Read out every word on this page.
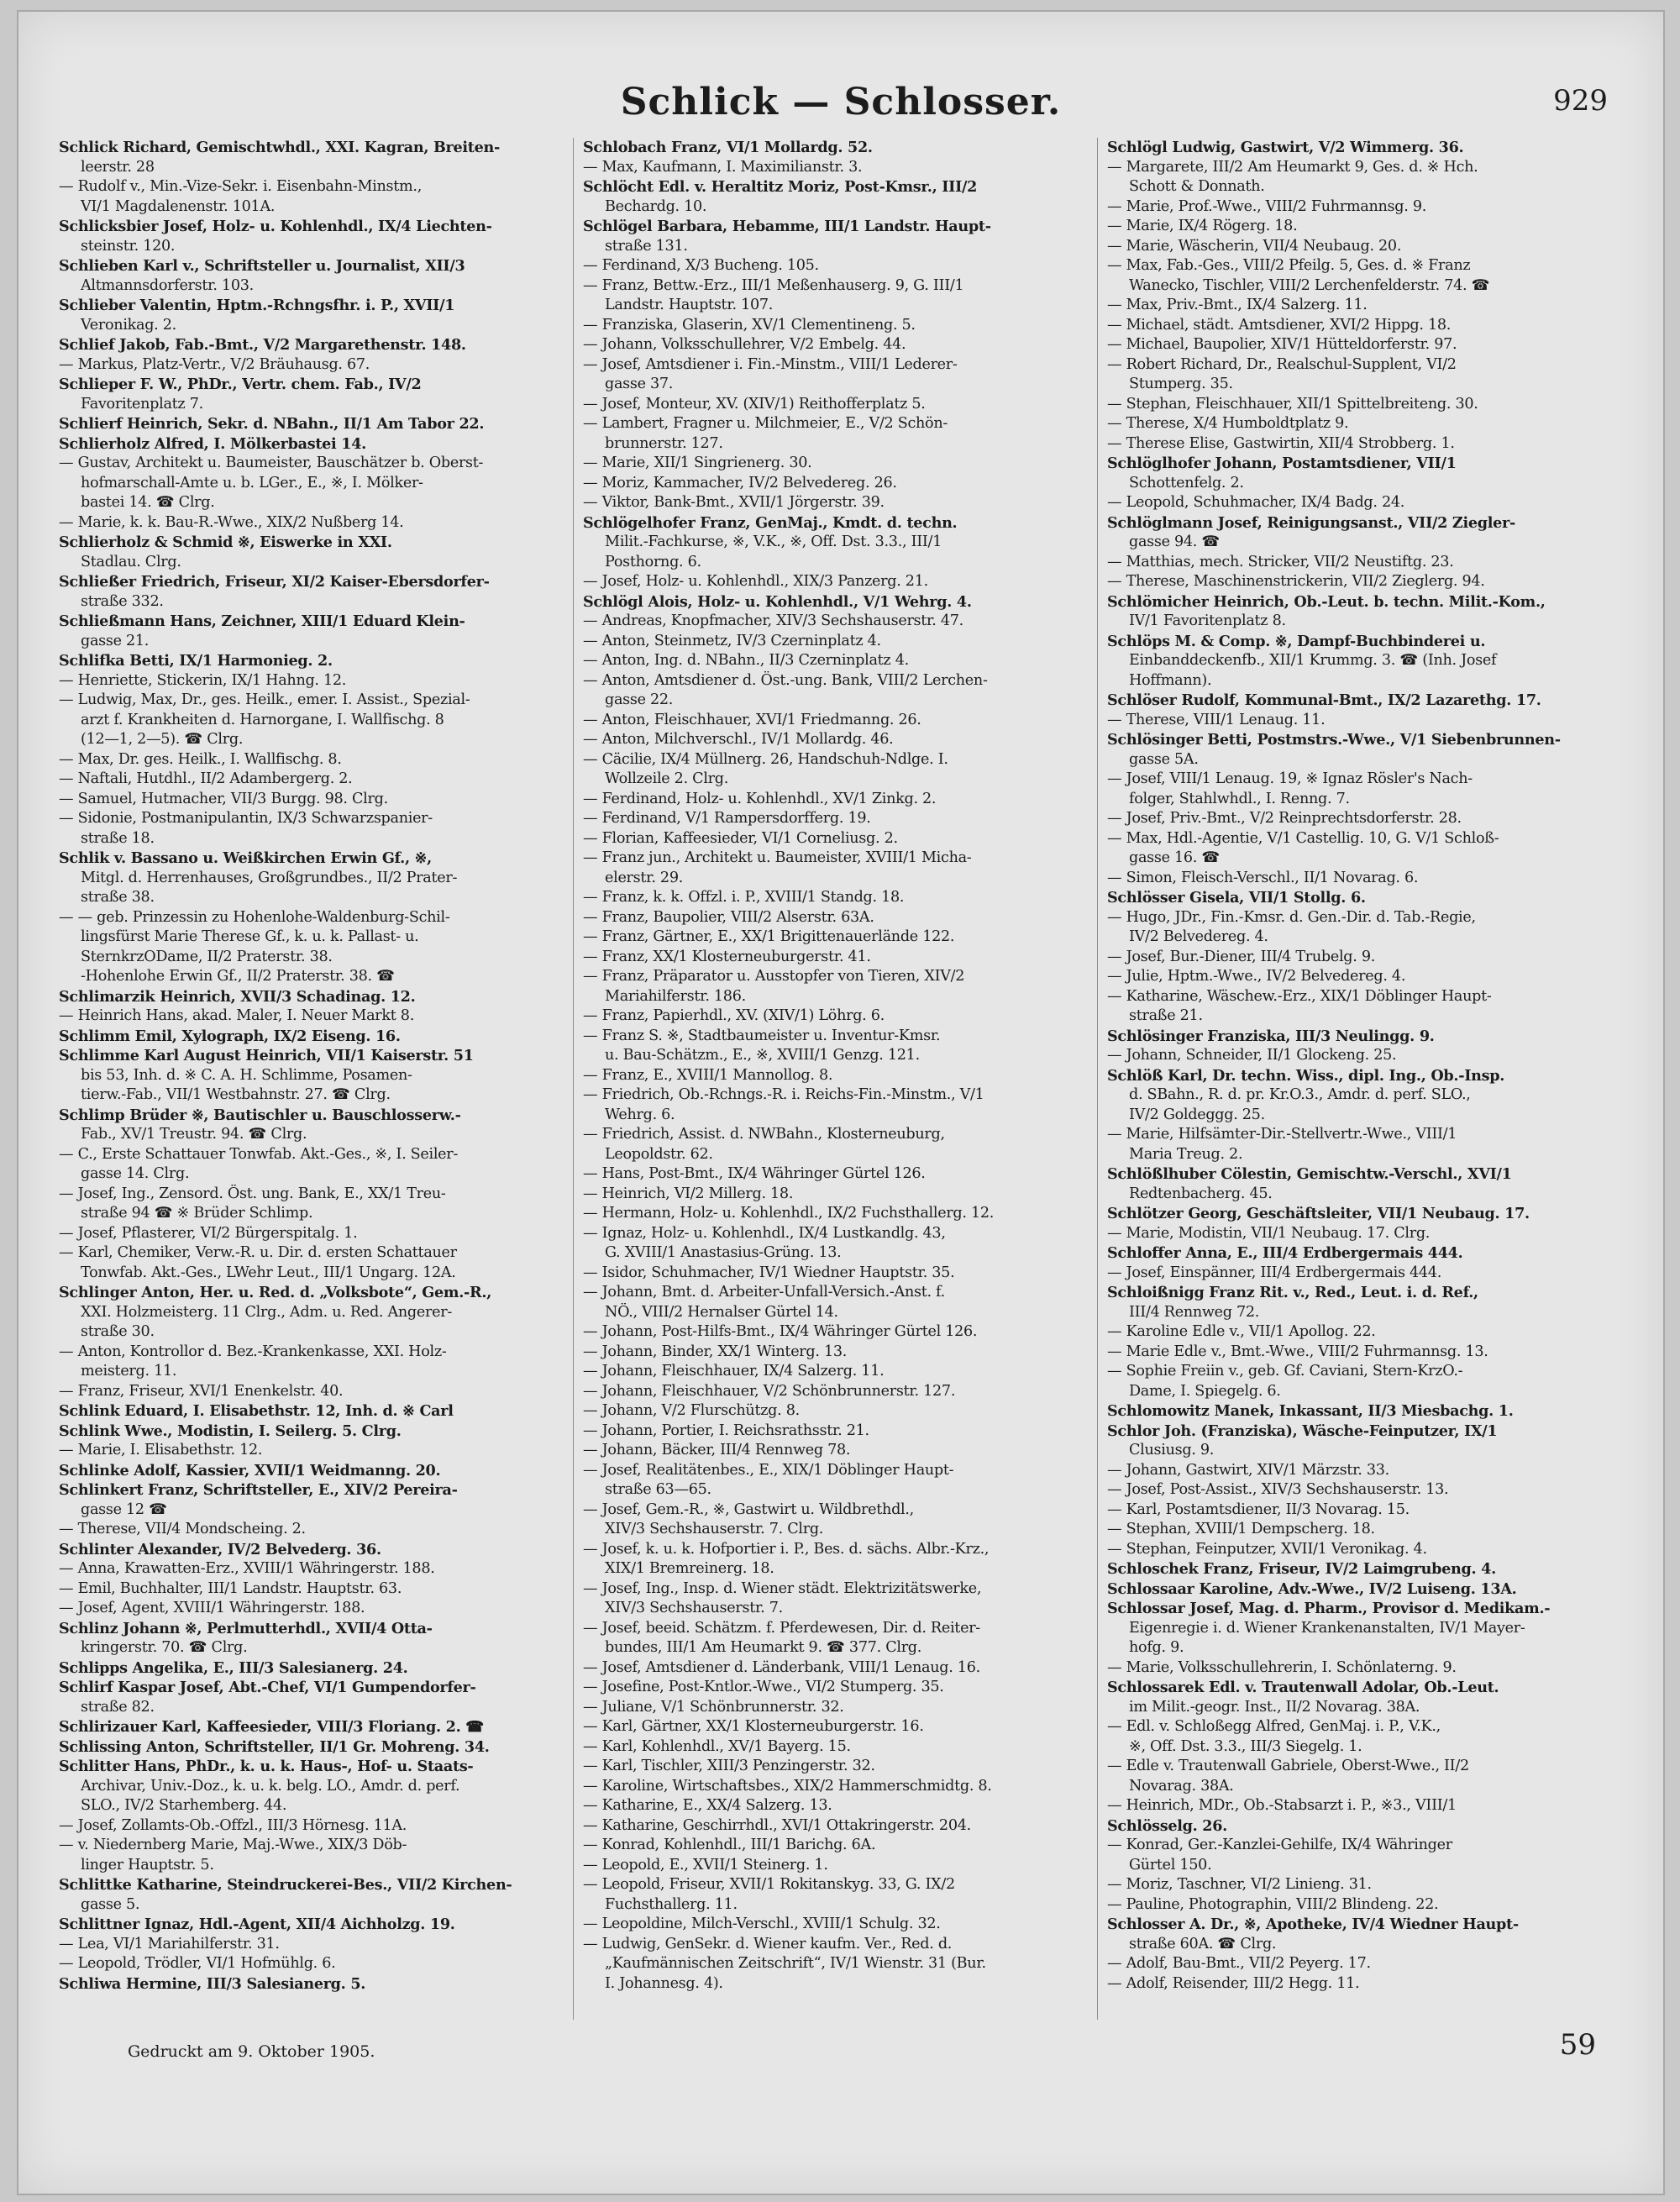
Schlick — Schlosser.	929
Schlick Richard, Gemischtwhdl., XXI. Kagran, Breiten-
leerstr. 28
— Rudolf v., Min.-Vize-Sekr. i. Eisenbahn-Minstm.,
VI/1 Magdalenenstr. 101A.
Schlicksbier Josef, Holz- u. Kohlenhdl., IX/4 Liechten-
steinstr. 120.
Schlieben Karl v., Schriftsteller u. Journalist, XII/3
Altmannsdorferstr. 103.
Schlieber Valentin, Hptm.-Rchngsfhr. i. P., XVII/1
Veronikag. 2.
Schlief Jakob, Fab.-Bmt., V/2 Margarethenstr. 148.
— Markus, Platz-Vertr., V/2 Bräuhausg. 67.
Schlieper F. W., PhDr., Vertr. chem. Fab., IV/2
Favoritenplatz 7.
Schlierf Heinrich, Sekr. d. NBahn., II/1 Am Tabor 22.
Schlierholz Alfred, I. Mölkerbastei 14.
— Gustav, Architekt u. Baumeister, Bauschätzer b. Oberst-
hofmarschall-Amte u. b. LGer., E., ※, I. Mölker-
bastei 14. ☎ Clrg.
— Marie, k. k. Bau-R.-Wwe., XIX/2 Nußberg 14.
Schlierholz & Schmid ※, Eiswerke in XXI.
Stadlau. Clrg.
Schließer Friedrich, Friseur, XI/2 Kaiser-Ebersdorfer-
straße 332.
Schließmann Hans, Zeichner, XIII/1 Eduard Klein-
gasse 21.
Schlifka Betti, IX/1 Harmonieg. 2.
— Henriette, Stickerin, IX/1 Hahng. 12.
— Ludwig, Max, Dr., ges. Heilk., emer. I. Assist., Spezial-
arzt f. Krankheiten d. Harnorgane, I. Wallfischg. 8
(12—1, 2—5). ☎ Clrg.
— Max, Dr. ges. Heilk., I. Wallfischg. 8.
— Naftali, Hutdhl., II/2 Adambergerg. 2.
— Samuel, Hutmacher, VII/3 Burgg. 98. Clrg.
— Sidonie, Postmanipulantin, IX/3 Schwarzspanier-
straße 18.
Schlik v. Bassano u. Weißkirchen Erwin Gf., ※,
Mitgl. d. Herrenhauses, Großgrundbes., II/2 Prater-
straße 38.
— — geb. Prinzessin zu Hohenlohe-Waldenburg-Schil-
lingsfürst Marie Therese Gf., k. u. k. Pallast- u.
SternkrzODame, II/2 Praterstr. 38.
-Hohenlohe Erwin Gf., II/2 Praterstr. 38. ☎
Schlimarzik Heinrich, XVII/3 Schadinag. 12.
— Heinrich Hans, akad. Maler, I. Neuer Markt 8.
Schlimm Emil, Xylograph, IX/2 Eiseng. 16.
Schlimme Karl August Heinrich, VII/1 Kaiserstr. 51
bis 53, Inh. d. ※ C. A. H. Schlimme, Posamen-
tierw.-Fab., VII/1 Westbahnstr. 27. ☎ Clrg.
Schlimp Brüder ※, Bautischler u. Bauschlosserw.-
Fab., XV/1 Treustr. 94. ☎ Clrg.
— C., Erste Schattauer Tonwfab. Akt.-Ges., ※, I. Seiler-
gasse 14. Clrg.
— Josef, Ing., Zensord. Öst. ung. Bank, E., XX/1 Treu-
straße 94 ☎ ※ Brüder Schlimp.
— Josef, Pflasterer, VI/2 Bürgerspitalg. 1.
— Karl, Chemiker, Verw.-R. u. Dir. d. ersten Schattauer
Tonwfab. Akt.-Ges., LWehr Leut., III/1 Ungarg. 12A.
Schlinger Anton, Her. u. Red. d. „Volksbote“, Gem.-R.,
XXI. Holzmeisterg. 11 Clrg., Adm. u. Red. Angerer-
straße 30.
— Anton, Kontrollor d. Bez.-Krankenkasse, XXI. Holz-
meisterg. 11.
— Franz, Friseur, XVI/1 Enenkelstr. 40.
Schlink Eduard, I. Elisabethstr. 12, Inh. d. ※ Carl
Schlink Wwe., Modistin, I. Seilerg. 5. Clrg.
— Marie, I. Elisabethstr. 12.
Schlinke Adolf, Kassier, XVII/1 Weidmanng. 20.
Schlinkert Franz, Schriftsteller, E., XIV/2 Pereira-
gasse 12 ☎
— Therese, VII/4 Mondscheing. 2.
Schlinter Alexander, IV/2 Belvederg. 36.
— Anna, Krawatten-Erz., XVIII/1 Währingerstr. 188.
— Emil, Buchhalter, III/1 Landstr. Hauptstr. 63.
— Josef, Agent, XVIII/1 Währingerstr. 188.
Schlinz Johann ※, Perlmutterhdl., XVII/4 Otta-
kringerstr. 70. ☎ Clrg.
Schlipps Angelika, E., III/3 Salesianerg. 24.
Schlirf Kaspar Josef, Abt.-Chef, VI/1 Gumpendorfer-
straße 82.
Schlirizauer Karl, Kaffeesieder, VIII/3 Floriang. 2. ☎
Schlissing Anton, Schriftsteller, II/1 Gr. Mohreng. 34.
Schlitter Hans, PhDr., k. u. k. Haus-, Hof- u. Staats-
Archivar, Univ.-Doz., k. u. k. belg. LO., Amdr. d. perf.
SLO., IV/2 Starhemberg. 44.
— Josef, Zollamts-Ob.-Offzl., III/3 Hörnesg. 11A.
— v. Niedernberg Marie, Maj.-Wwe., XIX/3 Döb-
linger Hauptstr. 5.
Schlittke Katharine, Steindruckerei-Bes., VII/2 Kirchen-
gasse 5.
Schlittner Ignaz, Hdl.-Agent, XII/4 Aichholzg. 19.
— Lea, VI/1 Mariahilferstr. 31.
— Leopold, Trödler, VI/1 Hofmühlg. 6.
Schliwa Hermine, III/3 Salesianerg. 5.
Schlobach Franz, VI/1 Mollardg. 52.
— Max, Kaufmann, I. Maximilianstr. 3.
Schlöcht Edl. v. Heraltitz Moriz, Post-Kmsr., III/2
Bechardg. 10.
Schlögel Barbara, Hebamme, III/1 Landstr. Haupt-
straße 131.
— Ferdinand, X/3 Bucheng. 105.
— Franz, Bettw.-Erz., III/1 Meßenhauserg. 9, G. III/1
Landstr. Hauptstr. 107.
— Franziska, Glaserin, XV/1 Clementineng. 5.
— Johann, Volksschullehrer, V/2 Embelg. 44.
— Josef, Amtsdiener i. Fin.-Minstm., VIII/1 Lederer-
gasse 37.
— Josef, Monteur, XV. (XIV/1) Reithofferplatz 5.
— Lambert, Fragner u. Milchmeier, E., V/2 Schön-
brunnerstr. 127.
— Marie, XII/1 Singrienerg. 30.
— Moriz, Kammacher, IV/2 Belvedereg. 26.
— Viktor, Bank-Bmt., XVII/1 Jörgerstr. 39.
Schlögelhofer Franz, GenMaj., Kmdt. d. techn.
Milit.-Fachkurse, ※, V.K., ※, Off. Dst. 3.3., III/1
Posthorng. 6.
— Josef, Holz- u. Kohlenhdl., XIX/3 Panzerg. 21.
Schlögl Alois, Holz- u. Kohlenhdl., V/1 Wehrg. 4.
— Andreas, Knopfmacher, XIV/3 Sechshauserstr. 47.
— Anton, Steinmetz, IV/3 Czerninplatz 4.
— Anton, Ing. d. NBahn., II/3 Czerninplatz 4.
— Anton, Amtsdiener d. Öst.-ung. Bank, VIII/2 Lerchen-
gasse 22.
— Anton, Fleischhauer, XVI/1 Friedmanng. 26.
— Anton, Milchverschl., IV/1 Mollardg. 46.
— Cäcilie, IX/4 Müllnerg. 26, Handschuh-Ndlge. I.
Wollzeile 2. Clrg.
— Ferdinand, Holz- u. Kohlenhdl., XV/1 Zinkg. 2.
— Ferdinand, V/1 Rampersdorfferg. 19.
— Florian, Kaffeesieder, VI/1 Corneliusg. 2.
— Franz jun., Architekt u. Baumeister, XVIII/1 Micha-
elerstr. 29.
— Franz, k. k. Offzl. i. P., XVIII/1 Standg. 18.
— Franz, Baupolier, VIII/2 Alserstr. 63A.
— Franz, Gärtner, E., XX/1 Brigittenauerlände 122.
— Franz, XX/1 Klosterneuburgerstr. 41.
— Franz, Präparator u. Ausstopfer von Tieren, XIV/2
Mariahilferstr. 186.
— Franz, Papierhdl., XV. (XIV/1) Löhrg. 6.
— Franz S. ※, Stadtbaumeister u. Inventur-Kmsr.
u. Bau-Schätzm., E., ※, XVIII/1 Genzg. 121.
— Franz, E., XVIII/1 Mannollog. 8.
— Friedrich, Ob.-Rchngs.-R. i. Reichs-Fin.-Minstm., V/1
Wehrg. 6.
— Friedrich, Assist. d. NWBahn., Klosterneuburg,
Leopoldstr. 62.
— Hans, Post-Bmt., IX/4 Währinger Gürtel 126.
— Heinrich, VI/2 Millerg. 18.
— Hermann, Holz- u. Kohlenhdl., IX/2 Fuchsthallerg. 12.
— Ignaz, Holz- u. Kohlenhdl., IX/4 Lustkandlg. 43,
G. XVIII/1 Anastasius-Grüng. 13.
— Isidor, Schuhmacher, IV/1 Wiedner Hauptstr. 35.
— Johann, Bmt. d. Arbeiter-Unfall-Versich.-Anst. f.
NÖ., VIII/2 Hernalser Gürtel 14.
— Johann, Post-Hilfs-Bmt., IX/4 Währinger Gürtel 126.
— Johann, Binder, XX/1 Winterg. 13.
— Johann, Fleischhauer, IX/4 Salzerg. 11.
— Johann, Fleischhauer, V/2 Schönbrunnerstr. 127.
— Johann, V/2 Flurschützg. 8.
— Johann, Portier, I. Reichsrathsstr. 21.
— Johann, Bäcker, III/4 Rennweg 78.
— Josef, Realitätenbes., E., XIX/1 Döblinger Haupt-
straße 63—65.
— Josef, Gem.-R., ※, Gastwirt u. Wildbrethdl.,
XIV/3 Sechshauserstr. 7. Clrg.
— Josef, k. u. k. Hofportier i. P., Bes. d. sächs. Albr.-Krz.,
XIX/1 Bremreinerg. 18.
— Josef, Ing., Insp. d. Wiener städt. Elektrizitätswerke,
XIV/3 Sechshauserstr. 7.
— Josef, beeid. Schätzm. f. Pferdewesen, Dir. d. Reiter-
bundes, III/1 Am Heumarkt 9. ☎ 377. Clrg.
— Josef, Amtsdiener d. Länderbank, VIII/1 Lenaug. 16.
— Josefine, Post-Kntlor.-Wwe., VI/2 Stumperg. 35.
— Juliane, V/1 Schönbrunnerstr. 32.
— Karl, Gärtner, XX/1 Klosterneuburgerstr. 16.
— Karl, Kohlenhdl., XV/1 Bayerg. 15.
— Karl, Tischler, XIII/3 Penzingerstr. 32.
— Karoline, Wirtschaftsbes., XIX/2 Hammerschmidtg. 8.
— Katharine, E., XX/4 Salzerg. 13.
— Katharine, Geschirrhdl., XVI/1 Ottakringerstr. 204.
— Konrad, Kohlenhdl., III/1 Barichg. 6A.
— Leopold, E., XVII/1 Steinerg. 1.
— Leopold, Friseur, XVII/1 Rokitanskyg. 33, G. IX/2
Fuchsthallerg. 11.
— Leopoldine, Milch-Verschl., XVIII/1 Schulg. 32.
— Ludwig, GenSekr. d. Wiener kaufm. Ver., Red. d.
„Kaufmännischen Zeitschrift“, IV/1 Wienstr. 31 (Bur.
I. Johannesg. 4).
Schlögl Ludwig, Gastwirt, V/2 Wimmerg. 36.
— Margarete, III/2 Am Heumarkt 9, Ges. d. ※ Hch.
Schott & Donnath.
— Marie, Prof.-Wwe., VIII/2 Fuhrmannsg. 9.
— Marie, IX/4 Rögerg. 18.
— Marie, Wäscherin, VII/4 Neubaug. 20.
— Max, Fab.-Ges., VIII/2 Pfeilg. 5, Ges. d. ※ Franz
Wanecko, Tischler, VIII/2 Lerchenfelderstr. 74. ☎
— Max, Priv.-Bmt., IX/4 Salzerg. 11.
— Michael, städt. Amtsdiener, XVI/2 Hippg. 18.
— Michael, Baupolier, XIV/1 Hütteldorferstr. 97.
— Robert Richard, Dr., Realschul-Supplent, VI/2
Stumperg. 35.
— Stephan, Fleischhauer, XII/1 Spittelbreiteng. 30.
— Therese, X/4 Humboldtplatz 9.
— Therese Elise, Gastwirtin, XII/4 Strobberg. 1.
Schlöglhofer Johann, Postamtsdiener, VII/1
Schottenfelg. 2.
— Leopold, Schuhmacher, IX/4 Badg. 24.
Schlöglmann Josef, Reinigungsanst., VII/2 Ziegler-
gasse 94. ☎
— Matthias, mech. Stricker, VII/2 Neustiftg. 23.
— Therese, Maschinenstrickerin, VII/2 Zieglerg. 94.
Schlömicher Heinrich, Ob.-Leut. b. techn. Milit.-Kom.,
IV/1 Favoritenplatz 8.
Schlöps M. & Comp. ※, Dampf-Buchbinderei u.
Einbanddeckenfb., XII/1 Krummg. 3. ☎ (Inh. Josef
Hoffmann).
Schlöser Rudolf, Kommunal-Bmt., IX/2 Lazarethg. 17.
— Therese, VIII/1 Lenaug. 11.
Schlösinger Betti, Postmstrs.-Wwe., V/1 Siebenbrunnen-
gasse 5A.
— Josef, VIII/1 Lenaug. 19, ※ Ignaz Rösler's Nach-
folger, Stahlwhdl., I. Renng. 7.
— Josef, Priv.-Bmt., V/2 Reinprechtsdorferstr. 28.
— Max, Hdl.-Agentie, V/1 Castellig. 10, G. V/1 Schloß-
gasse 16. ☎
— Simon, Fleisch-Verschl., II/1 Novarag. 6.
Schlösser Gisela, VII/1 Stollg. 6.
— Hugo, JDr., Fin.-Kmsr. d. Gen.-Dir. d. Tab.-Regie,
IV/2 Belvedereg. 4.
— Josef, Bur.-Diener, III/4 Trubelg. 9.
— Julie, Hptm.-Wwe., IV/2 Belvedereg. 4.
— Katharine, Wäschew.-Erz., XIX/1 Döblinger Haupt-
straße 21.
Schlösinger Franziska, III/3 Neulingg. 9.
— Johann, Schneider, II/1 Glockeng. 25.
Schlöß Karl, Dr. techn. Wiss., dipl. Ing., Ob.-Insp.
d. SBahn., R. d. pr. Kr.O.3., Amdr. d. perf. SLO.,
IV/2 Goldeggg. 25.
— Marie, Hilfsämter-Dir.-Stellvertr.-Wwe., VIII/1
Maria Treug. 2.
Schlößlhuber Cölestin, Gemischtw.-Verschl., XVI/1
Redtenbacherg. 45.
Schlötzer Georg, Geschäftsleiter, VII/1 Neubaug. 17.
— Marie, Modistin, VII/1 Neubaug. 17. Clrg.
Schloffer Anna, E., III/4 Erdbergermais 444.
— Josef, Einspänner, III/4 Erdbergermais 444.
Schloißnigg Franz Rit. v., Red., Leut. i. d. Ref.,
III/4 Rennweg 72.
— Karoline Edle v., VII/1 Apollog. 22.
— Marie Edle v., Bmt.-Wwe., VIII/2 Fuhrmannsg. 13.
— Sophie Freiin v., geb. Gf. Caviani, Stern-KrzO.-
Dame, I. Spiegelg. 6.
Schlomowitz Manek, Inkassant, II/3 Miesbachg. 1.
Schlor Joh. (Franziska), Wäsche-Feinputzer, IX/1
Clusiusg. 9.
— Johann, Gastwirt, XIV/1 Märzstr. 33.
— Josef, Post-Assist., XIV/3 Sechshauserstr. 13.
— Karl, Postamtsdiener, II/3 Novarag. 15.
— Stephan, XVIII/1 Dempscherg. 18.
— Stephan, Feinputzer, XVII/1 Veronikag. 4.
Schloschek Franz, Friseur, IV/2 Laimgrubeng. 4.
Schlossaar Karoline, Adv.-Wwe., IV/2 Luiseng. 13A.
Schlossar Josef, Mag. d. Pharm., Provisor d. Medikam.-
Eigenregie i. d. Wiener Krankenanstalten, IV/1 Mayer-
hofg. 9.
— Marie, Volksschullehrerin, I. Schönlaterng. 9.
Schlossarek Edl. v. Trautenwall Adolar, Ob.-Leut.
im Milit.-geogr. Inst., II/2 Novarag. 38A.
— Edl. v. Schloßegg Alfred, GenMaj. i. P., V.K.,
※, Off. Dst. 3.3., III/3 Siegelg. 1.
— Edle v. Trautenwall Gabriele, Oberst-Wwe., II/2
Novarag. 38A.
— Heinrich, MDr., Ob.-Stabsarzt i. P., ※3., VIII/1
Schlösselg. 26.
— Konrad, Ger.-Kanzlei-Gehilfe, IX/4 Währinger
Gürtel 150.
— Moriz, Taschner, VI/2 Linieng. 31.
— Pauline, Photographin, VIII/2 Blindeng. 22.
Schlosser A. Dr., ※, Apotheke, IV/4 Wiedner Haupt-
straße 60A. ☎ Clrg.
— Adolf, Bau-Bmt., VII/2 Peyerg. 17.
— Adolf, Reisender, III/2 Hegg. 11.
Gedruckt am 9. Oktober 1905.	59
